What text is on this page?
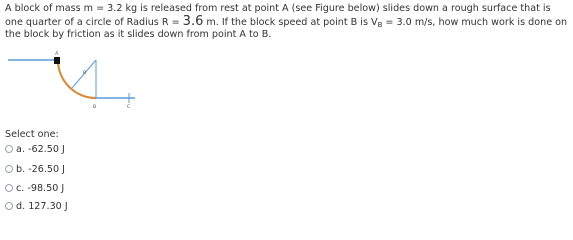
A block of mass m = 3.2 kg is released from rest at point A (see Figure below) slides down a rough surface that is one quarter of a circle of Radius R = 3.6 m. If the block speed at point B is $V_B = 3.0$ m/s, how much work is done on the block by friction as it slides down from point A to B.
A
R
B	C
Select one:
a.
-62.50 J
b.
-26.50 J
c.
-98.50 J
d.
127.30 J
